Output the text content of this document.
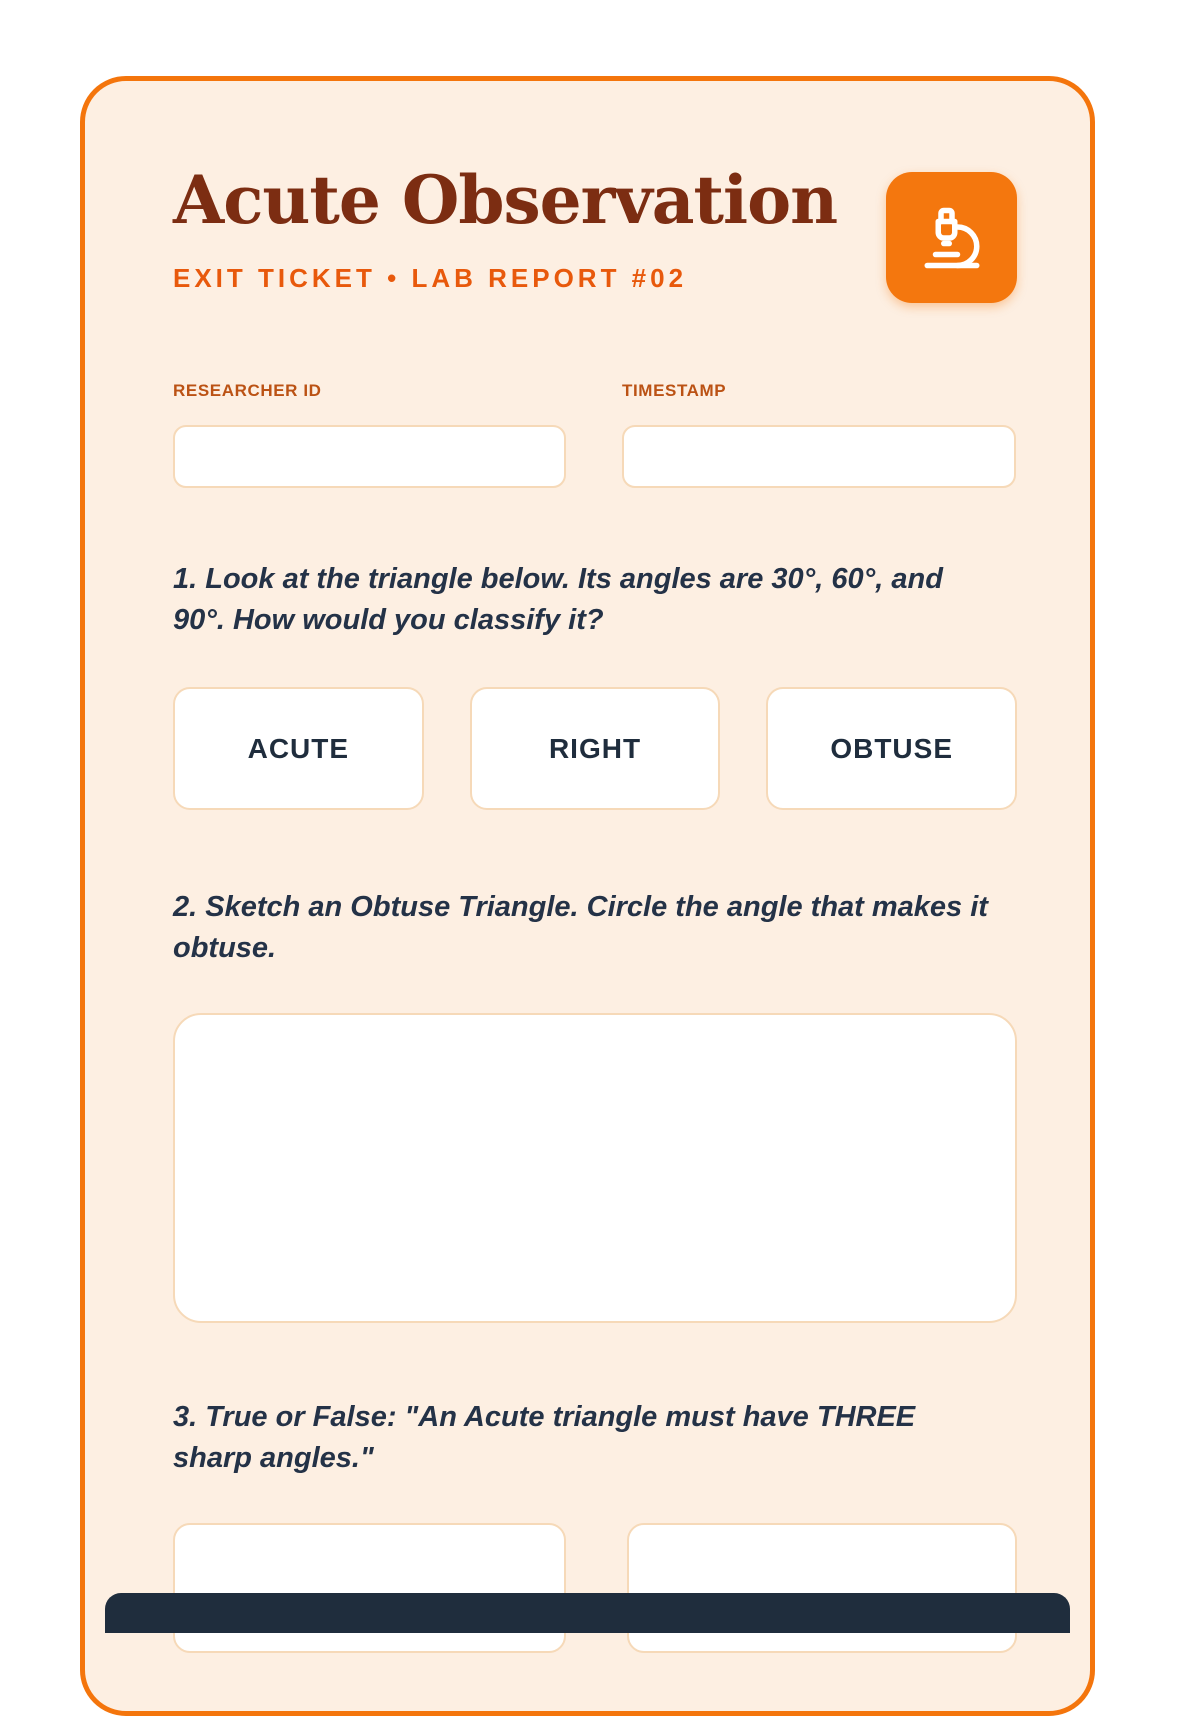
Acute Observation
EXIT TICKET • LAB REPORT #02
RESEARCHER ID	TIMESTAMP
1. Look at the triangle below. Its angles are 30°, 60°, and 90°. How would you classify it?
ACUTE	RIGHT	OBTUSE
2. Sketch an Obtuse Triangle. Circle the angle that makes it obtuse.
3. True or False: "An Acute triangle must have THREE sharp angles."
